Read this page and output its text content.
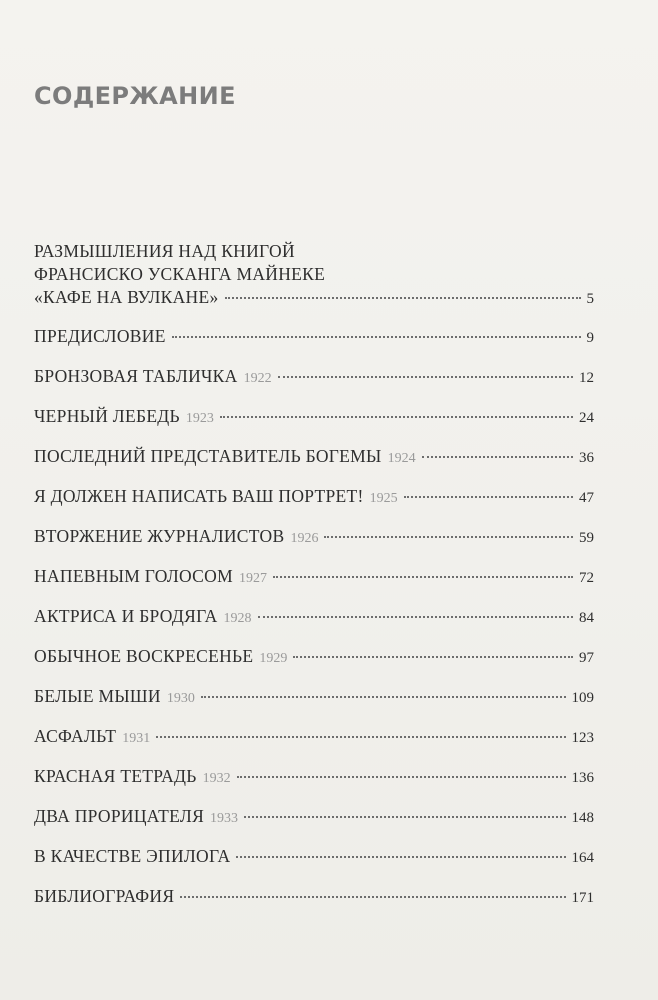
СОДЕРЖАНИЕ
РАЗМЫШЛЕНИЯ НАД КНИГОЙ
ФРАНСИСКО УСКАНГА МАЙНЕКЕ
«КАФЕ НА ВУЛКАНЕ»	5
ПРЕДИСЛОВИЕ	9
БРОНЗОВАЯ ТАБЛИЧКА 1922	12
ЧЕРНЫЙ ЛЕБЕДЬ 1923	24
ПОСЛЕДНИЙ ПРЕДСТАВИТЕЛЬ БОГЕМЫ 1924	36
Я ДОЛЖЕН НАПИСАТЬ ВАШ ПОРТРЕТ! 1925	47
ВТОРЖЕНИЕ ЖУРНАЛИСТОВ 1926	59
НАПЕВНЫМ ГОЛОСОМ 1927	72
АКТРИСА И БРОДЯГА 1928	84
ОБЫЧНОЕ ВОСКРЕСЕНЬЕ 1929	97
БЕЛЫЕ МЫШИ 1930	109
АСФАЛЬТ 1931	123
КРАСНАЯ ТЕТРАДЬ 1932	136
ДВА ПРОРИЦАТЕЛЯ 1933	148
В КАЧЕСТВЕ ЭПИЛОГА	164
БИБЛИОГРАФИЯ	171
